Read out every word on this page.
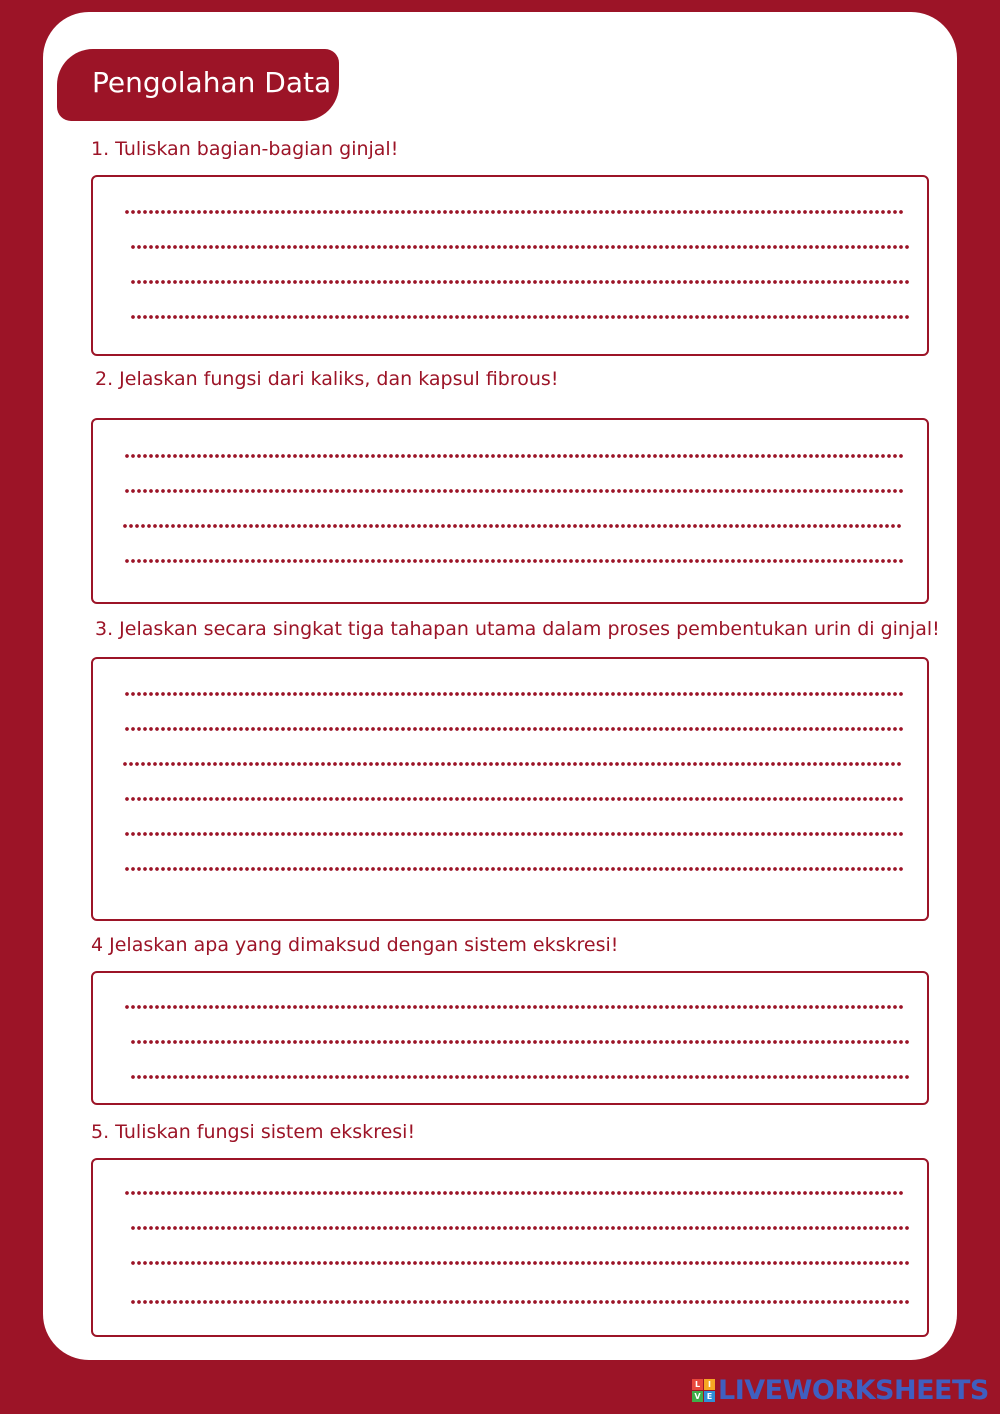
Pengolahan Data
1. Tuliskan bagian-bagian ginjal!
2. Jelaskan fungsi dari kaliks, dan kapsul fibrous!
3. Jelaskan secara singkat tiga tahapan utama dalam proses pembentukan urin di ginjal!
4 Jelaskan apa yang dimaksud dengan sistem ekskresi!
5. Tuliskan fungsi sistem ekskresi!
L I
V E LIVEWORKSHEETS
